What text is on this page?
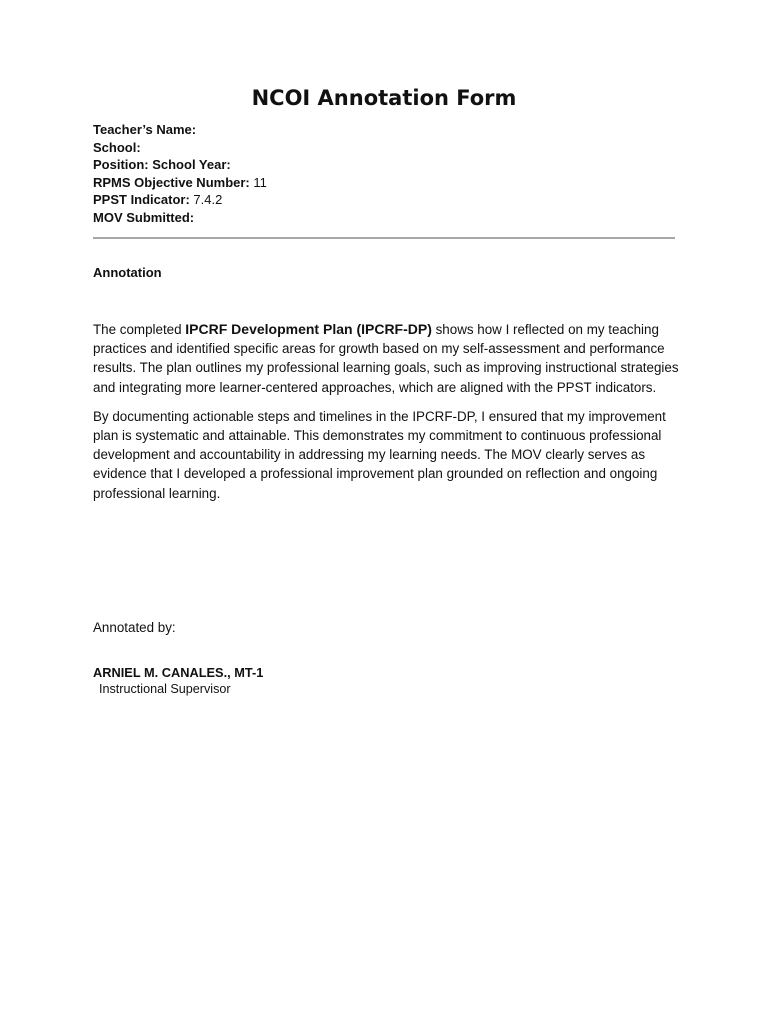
NCOI Annotation Form
Teacher’s Name:
School:
Position: School Year:
RPMS Objective Number: 11
PPST Indicator: 7.4.2
MOV Submitted:
Annotation

The completed IPCRF Development Plan (IPCRF-DP) shows how I reflected on my teaching practices and identified specific areas for growth based on my self-assessment and performance results. The plan outlines my professional learning goals, such as improving instructional strategies and integrating more learner-centered approaches, which are aligned with the PPST indicators.

By documenting actionable steps and timelines in the IPCRF-DP, I ensured that my improvement plan is systematic and attainable. This demonstrates my commitment to continuous professional development and accountability in addressing my learning needs. The MOV clearly serves as evidence that I developed a professional improvement plan grounded on reflection and ongoing professional learning.

Annotated by:

ARNIEL M. CANALES., MT-1

Instructional Supervisor
